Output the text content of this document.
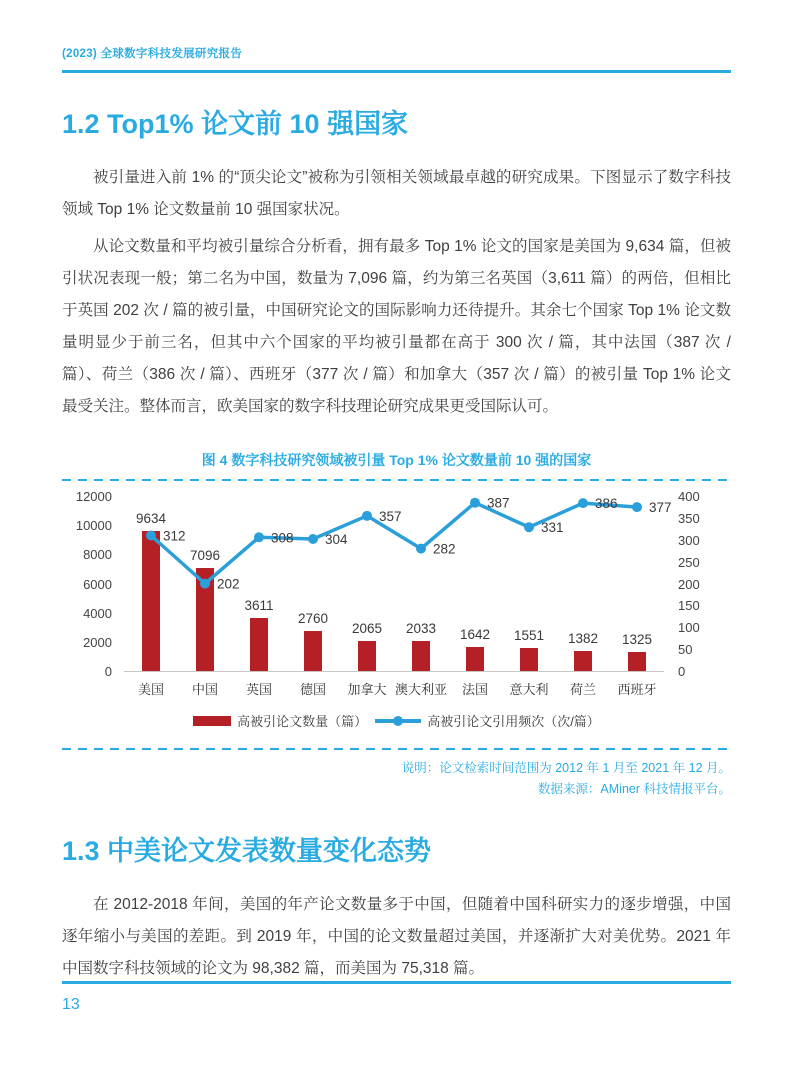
(2023) 全球数字科技发展研究报告
1.2 Top1% 论文前 10 强国家

被引量进入前 1% 的“顶尖论文”被称为引领相关领域最卓越的研究成果。下图显示了数字科技领域 Top 1% 论文数量前 10 强国家状况。

从论文数量和平均被引量综合分析看，拥有最多 Top 1% 论文的国家是美国为 9,634 篇，但被引状况表现一般；第二名为中国，数量为 7,096 篇，约为第三名英国（3,611 篇）的两倍，但相比于英国 202 次 / 篇的被引量，中国研究论文的国际影响力还待提升。其余七个国家 Top 1% 论文数量明显少于前三名，但其中六个国家的平均被引量都在高于 300 次 / 篇，其中法国（387 次 / 篇）、荷兰（386 次 / 篇）、西班牙（377 次 / 篇）和加拿大（357 次 / 篇）的被引量 Top 1% 论文最受关注。整体而言，欧美国家的数字科技理论研究成果更受国际认可。

图 4 数字科技研究领域被引量 Top 1% 论文数量前 10 强的国家
0
2000
4000
6000
8000
10000
12000
9634
7096
3611
2760
2065 2033 1642 1551 1382 1325
312
202
308 304
357
282
387
331
386 377
0
50
100
150
200
250
300
350
400
美国	中国	英国	德国	加拿大 澳大利亚	法国	意大利	荷兰	西班牙
高被引论文数量（篇）	高被引论文引用频次（次/篇）
说明：论文检索时间范围为 2012 年 1 月至 2021 年 12 月。
数据来源：AMiner 科技情报平台。
1.3 中美论文发表数量变化态势

在 2012-2018 年间，美国的年产论文数量多于中国，但随着中国科研实力的逐步增强，中国逐年缩小与美国的差距。到 2019 年，中国的论文数量超过美国，并逐渐扩大对美优势。2021 年中国数字科技领域的论文为 98,382 篇，而美国为 75,318 篇。

13
